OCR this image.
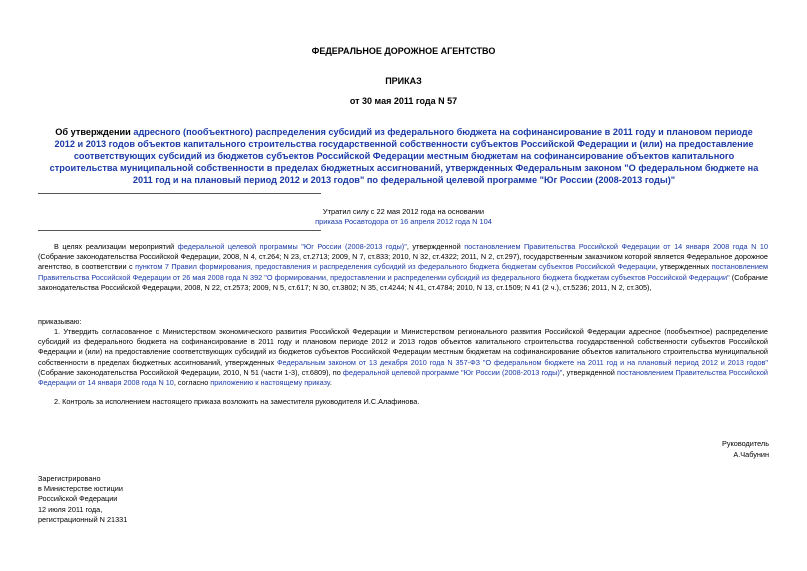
ФЕДЕРАЛЬНОЕ ДОРОЖНОЕ АГЕНТСТВО
ПРИКАЗ
от 30 мая 2011 года N 57
Об утверждении адресного (пообъектного) распределения субсидий из федерального бюджета на софинансирование в 2011 году и плановом периоде 2012 и 2013 годов объектов капитального строительства государственной собственности субъектов Российской Федерации и (или) на предоставление соответствующих субсидий из бюджетов субъектов Российской Федерации местным бюджетам на софинансирование объектов капитального строительства муниципальной собственности в пределах бюджетных ассигнований, утвержденных Федеральным законом "О федеральном бюджете на 2011 год и на плановый период 2012 и 2013 годов" по федеральной целевой программе "Юг России (2008-2013 годы)"
Утратил силу с 22 мая 2012 года на основании
приказа Росавтодора от 16 апреля 2012 года N 104
В целях реализации мероприятий федеральной целевой программы "Юг России (2008-2013 годы)", утвержденной постановлением Правительства Российской Федерации от 14 января 2008 года N 10 (Собрание законодательства Российской Федерации, 2008, N 4, ст.264; N 23, ст.2713; 2009, N 7, ст.833; 2010, N 32, ст.4322; 2011, N 2, ст.297), государственным заказчиком которой является Федеральное дорожное агентство, в соответствии с пунктом 7 Правил формирования, предоставления и распределения субсидий из федерального бюджета бюджетам субъектов Российской Федерации, утвержденных постановлением Правительства Российской Федерации от 26 мая 2008 года N 392 "О формировании, предоставлении и распределении субсидий из федерального бюджета бюджетам субъектов Российской Федерации" (Собрание законодательства Российской Федерации, 2008, N 22, ст.2573; 2009, N 5, ст.617; N 30, ст.3802; N 35, ст.4244; N 41, ст.4784; 2010, N 13, ст.1509; N 41 (2 ч.), ст.5236; 2011, N 2, ст.305),
приказываю:
1. Утвердить согласованное с Министерством экономического развития Российской Федерации и Министерством регионального развития Российской Федерации адресное (пообъектное) распределение субсидий из федерального бюджета на софинансирование в 2011 году и плановом периоде 2012 и 2013 годов объектов капитального строительства государственной собственности субъектов Российской Федерации и (или) на предоставление соответствующих субсидий из бюджетов субъектов Российской Федерации местным бюджетам на софинансирование объектов капитального строительства муниципальной собственности в пределах бюджетных ассигнований, утвержденных Федеральным законом от 13 декабря 2010 года N 357-ФЗ "О федеральном бюджете на 2011 год и на плановый период 2012 и 2013 годов" (Собрание законодательства Российской Федерации, 2010, N 51 (части 1-3), ст.6809), по федеральной целевой программе "Юг России (2008-2013 годы)", утвержденной постановлением Правительства Российской Федерации от 14 января 2008 года N 10, согласно приложению к настоящему приказу.
2. Контроль за исполнением настоящего приказа возложить на заместителя руководителя И.С.Алафинова.
Руководитель
А.Чабунин
Зарегистрировано
в Министерстве юстиции
Российской Федерации
12 июля 2011 года,
регистрационный N 21331
